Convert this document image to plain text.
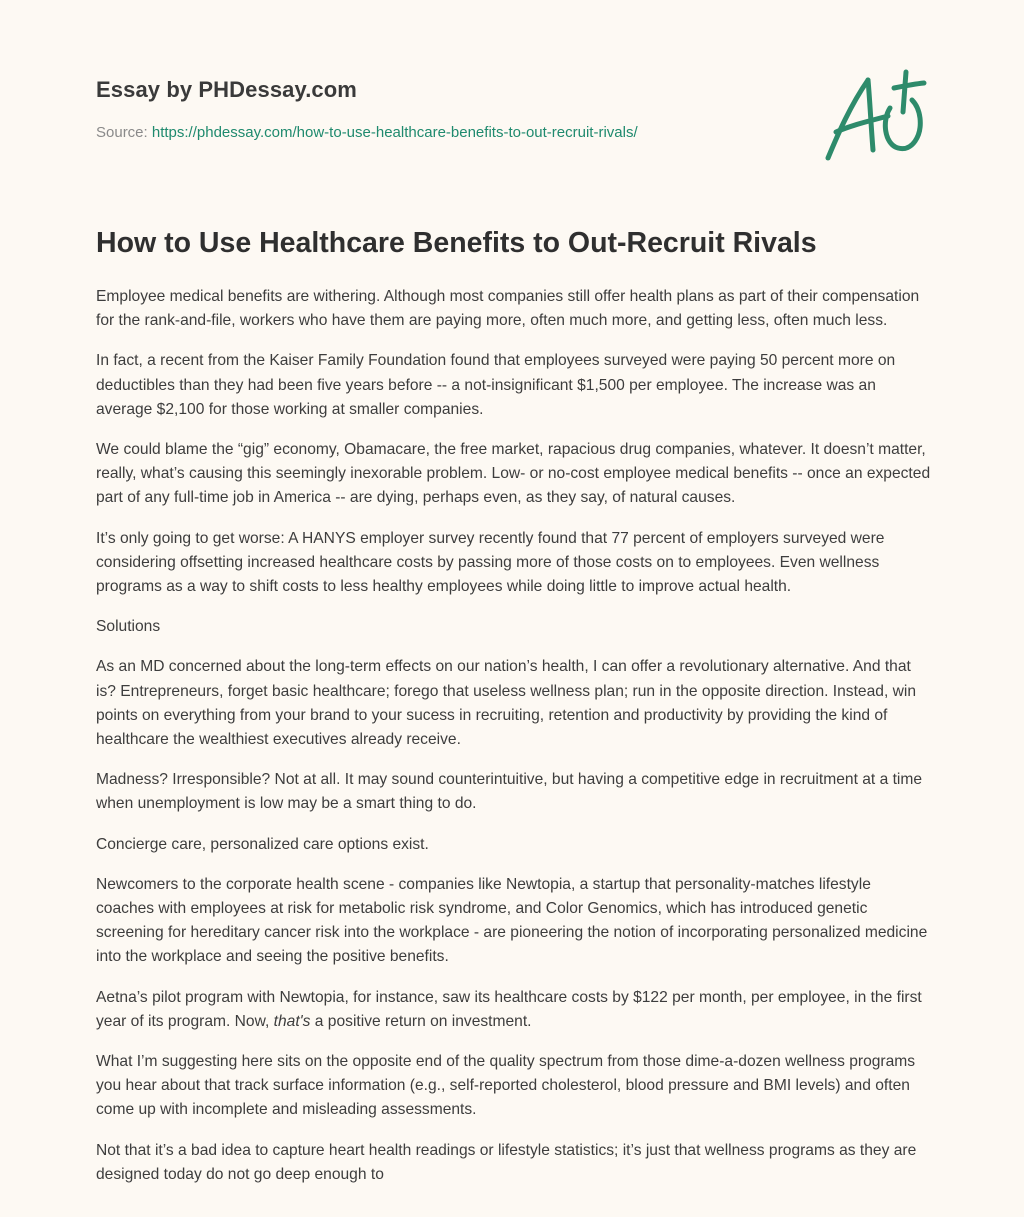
Essay by PHDessay.com
Source: https://phdessay.com/how-to-use-healthcare-benefits-to-out-recruit-rivals/
How to Use Healthcare Benefits to Out-Recruit Rivals

Employee medical benefits are withering. Although most companies still offer health plans as part of their compensation for the rank-and-file, workers who have them are paying more, often much more, and getting less, often much less.

In fact, a recent from the Kaiser Family Foundation found that employees surveyed were paying 50 percent more on deductibles than they had been five years before -- a not-insignificant $1,500 per employee. The increase was an average $2,100 for those working at smaller companies.

We could blame the “gig” economy, Obamacare, the free market, rapacious drug companies, whatever. It doesn’t matter, really, what’s causing this seemingly inexorable problem. Low- or no-cost employee medical benefits -- once an expected part of any full-time job in America -- are dying, perhaps even, as they say, of natural causes.

It’s only going to get worse: A HANYS employer survey recently found that 77 percent of employers surveyed were considering offsetting increased healthcare costs by passing more of those costs on to employees. Even wellness programs as a way to shift costs to less healthy employees while doing little to improve actual health.

Solutions

As an MD concerned about the long-term effects on our nation’s health, I can offer a revolutionary alternative. And that is? Entrepreneurs, forget basic healthcare; forego that useless wellness plan; run in the opposite direction. Instead, win points on everything from your brand to your sucess in recruiting, retention and productivity by providing the kind of healthcare the wealthiest executives already receive.

Madness? Irresponsible? Not at all. It may sound counterintuitive, but having a competitive edge in recruitment at a time when unemployment is low may be a smart thing to do.

Concierge care, personalized care options exist.

Newcomers to the corporate health scene - companies like Newtopia, a startup that personality-matches lifestyle coaches with employees at risk for metabolic risk syndrome, and Color Genomics, which has introduced genetic screening for hereditary cancer risk into the workplace - are pioneering the notion of incorporating personalized medicine into the workplace and seeing the positive benefits.

Aetna’s pilot program with Newtopia, for instance, saw its healthcare costs by $122 per month, per employee, in the first year of its program. Now, that's a positive return on investment.

What I’m suggesting here sits on the opposite end of the quality spectrum from those dime-a-dozen wellness programs you hear about that track surface information (e.g., self-reported cholesterol, blood pressure and BMI levels) and often come up with incomplete and misleading assessments.

Not that it’s a bad idea to capture heart health readings or lifestyle statistics; it’s just that wellness programs as they are designed today do not go deep enough to
